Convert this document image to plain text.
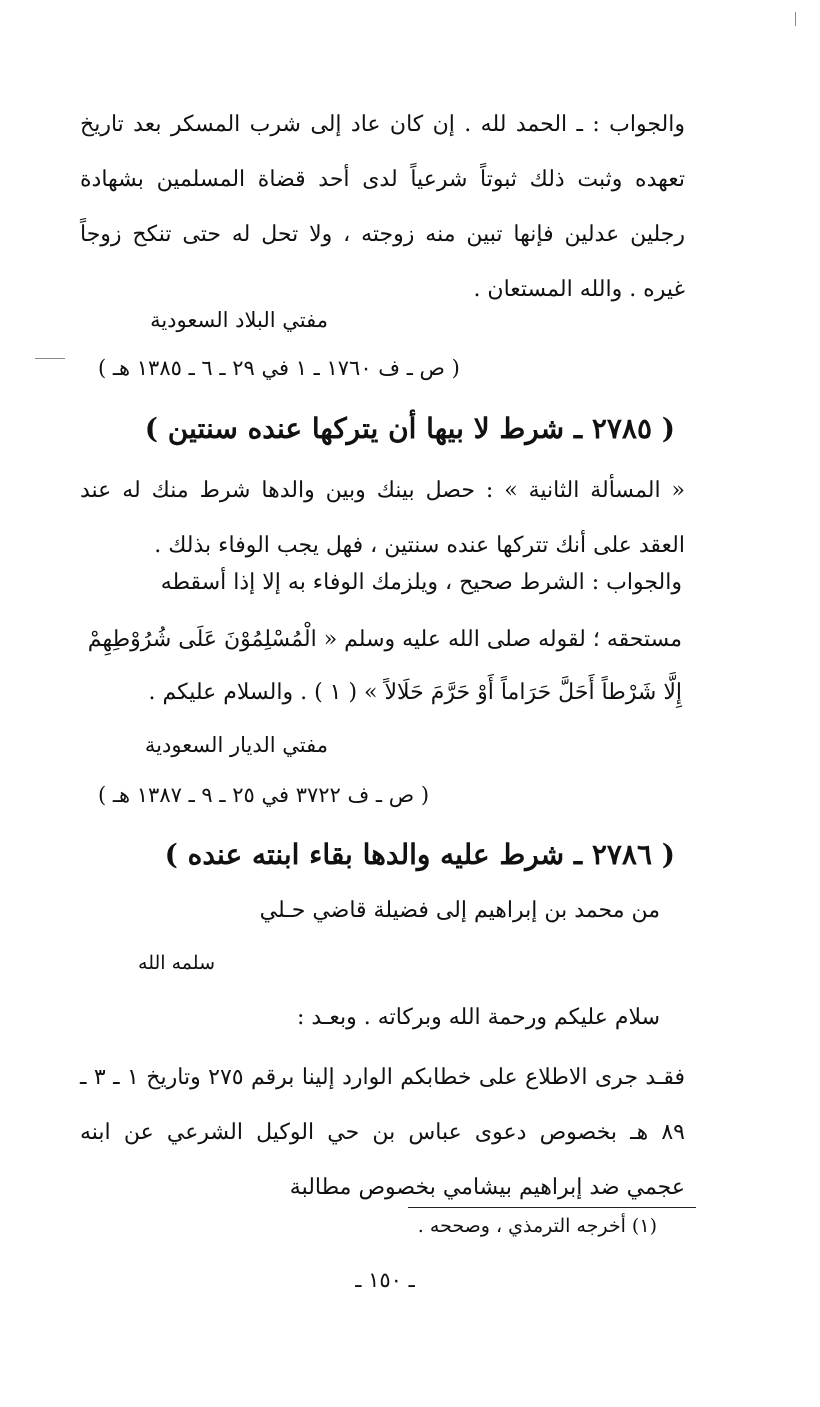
والجواب : ـ الحمد لله . إن كان عاد إلى شرب المسكر بعد تاريخ تعهده وثبت ذلك ثبوتاً شرعياً لدى أحد قضاة المسلمين بشهادة رجلين عدلين فإنها تبين منه زوجته ، ولا تحل له حتى تنكح زوجاً غيره . والله المستعان .
مفتي البلاد السعودية
( ص ـ ف ١٧٦٠ ـ ١ في ٢٩ ـ ٦ ـ ١٣٨٥ هـ )
( ٢٧٨٥ ـ شرط لا بيها أن يتركها عنده سنتين )
« المسألة الثانية » : حصل بينك وبين والدها شرط منك له عند العقد على أنك تتركها عنده سنتين ، فهل يجب الوفاء بذلك .
والجواب : الشرط صحيح ، ويلزمك الوفاء به إلا إذا أسقطه
مستحقه ؛ لقوله صلى الله عليه وسلم « الْمُسْلِمُوْنَ عَلَى شُرُوْطِهِمْ
إِلَّا شَرْطاً أَحَلَّ حَرَاماً أَوْ حَرَّمَ حَلَالاً » ( ١ ) . والسلام عليكم .
مفتي الديار السعودية
( ص ـ ف ٣٧٢٢ في ٢٥ ـ ٩ ـ ١٣٨٧ هـ )
( ٢٧٨٦ ـ شرط عليه والدها بقاء ابنته عنده )
من محمد بن إبراهيم إلى فضيلة قاضي حـلي
سلمه الله
سلام عليكم ورحمة الله وبركاته . وبعـد :
فقـد جرى الاطلاع على خطابكم الوارد إلينا برقم ٢٧٥ وتاريخ ١ ـ ٣ ـ ٨٩ هـ بخصوص دعوى عباس بن حي الوكيل الشرعي عن ابنه عجمي ضد إبراهيم بيشامي بخصوص مطالبة
(١) أخرجه الترمذي ، وصححه .
ـ ١٥٠ ـ
